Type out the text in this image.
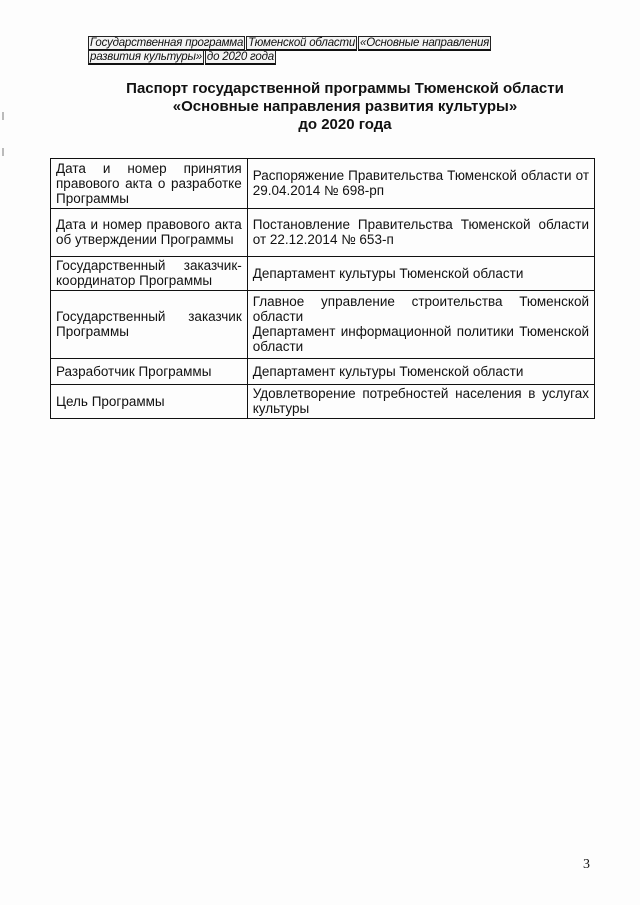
Государственная программа Тюменской области «Основные направления развития культуры» до 2020 года
Паспорт государственной программы Тюменской области
«Основные направления развития культуры»
до 2020 года
Дата и номер принятия правового акта о разработке Программы	Распоряжение Правительства Тюменской области от 29.04.2014 № 698-рп
Дата и номер правового акта об утверждении Программы	Постановление Правительства Тюменской области от 22.12.2014 № 653-п
Государственный заказчик-координатор Программы	Департамент культуры Тюменской области
Государственный заказчик Программы	Главное управление строительства Тюменской области
Департамент информационной политики Тюменской области

Разработчик Программы	Департамент культуры Тюменской области
Цель Программы	Удовлетворение потребностей населения в услугах культуры
3
